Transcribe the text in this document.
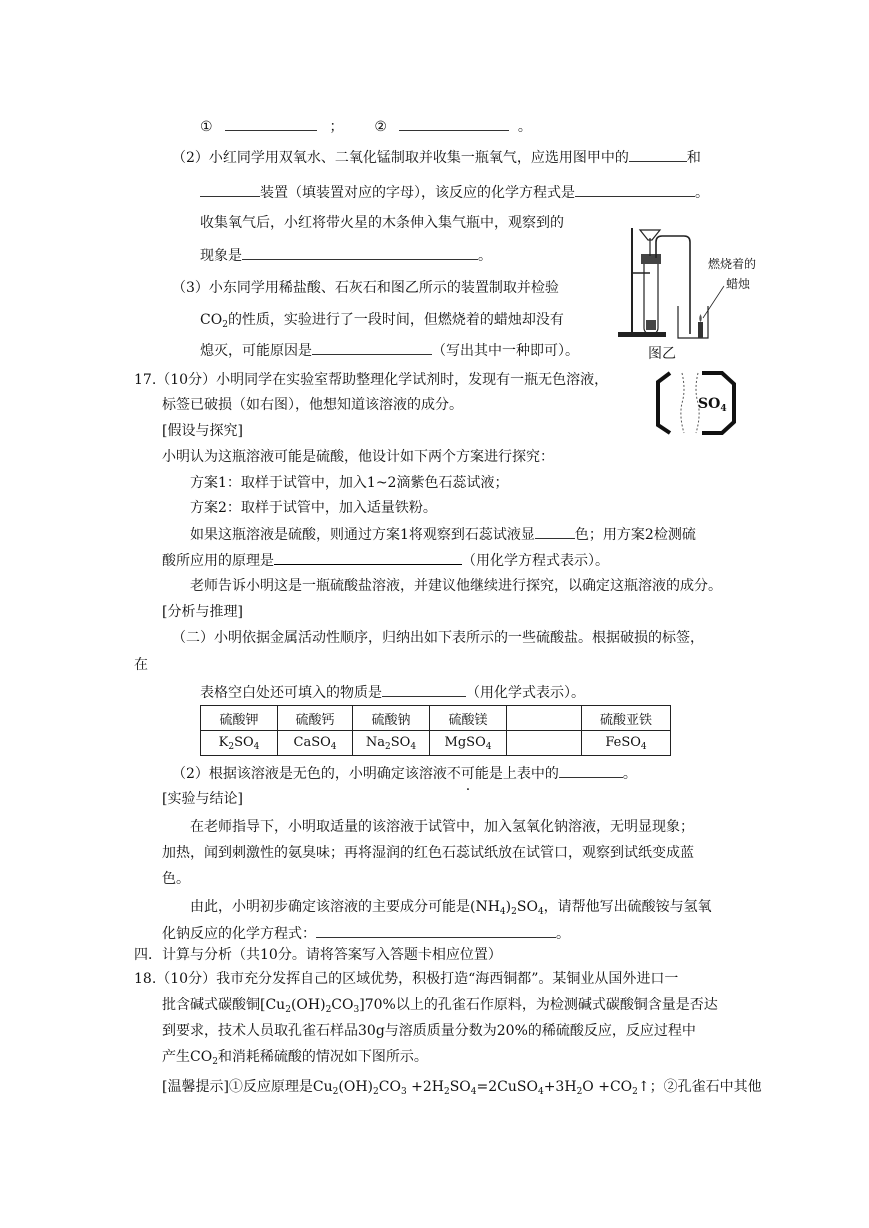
①	； ②	。
（2）小红同学用双氧水、二氧化锰制取并收集一瓶氧气，应选用图甲中的	和
装置（填装置对应的字母），该反应的化学方程式是	。
收集氧气后，小红将带火星的木条伸入集气瓶中，观察到的
现象是	。
（3）小东同学用稀盐酸、石灰石和图乙所示的装置制取并检验
$CO_2$的性质，实验进行了一段时间，但燃烧着的蜡烛却没有
熄灭，可能原因是	（写出其中一种即可）。
燃烧着的
蜡烛
图乙
17.（10分）小明同学在实验室帮助整理化学试剂时，发现有一瓶无色溶液，
标签已破损（如右图），他想知道该溶液的成分。	$SO_4$
[假设与探究]
小明认为这瓶溶液可能是硫酸，他设计如下两个方案进行探究：
方案1：取样于试管中，加入1~2滴紫色石蕊试液；
方案2：取样于试管中，加入适量铁粉。
如果这瓶溶液是硫酸，则通过方案1将观察到石蕊试液显	色；用方案2检测硫
酸所应用的原理是	（用化学方程式表示）。
老师告诉小明这是一瓶硫酸盐溶液，并建议他继续进行探究，以确定这瓶溶液的成分。
[分析与推理]
（二）小明依据金属活动性顺序，归纳出如下表所示的一些硫酸盐。根据破损的标签，
在
表格空白处还可填入的物质是	（用化学式表示）。
硫酸钾	硫酸钙	硫酸钠	硫酸镁		硫酸亚铁
$K_2SO_4$	CaSO$_4$	$Na_2SO_4$	MgSO$_4$		FeSO$_4$
（2）根据该溶液是无色的，小明确定该溶液不可能是上表中的	。
[实验与结论]
在老师指导下，小明取适量的该溶液于试管中，加入氢氧化钠溶液，无明显现象；
加热，闻到刺激性的氨臭味；再将湿润的红色石蕊试纸放在试管口，观察到试纸变成蓝
色。
由此，小明初步确定该溶液的主要成分可能是$(NH_4)_2SO_4$，请帮他写出硫酸铵与氢氧
化钠反应的化学方程式：	。
四．计算与分析（共10分。请将答案写入答题卡相应位置）
18.（10分）我市充分发挥自己的区域优势，积极打造“海西铜都”。某铜业从国外进口一
批含碱式碳酸铜$[Cu_2(OH)_2CO_3]70\%$以上的孔雀石作原料，为检测碱式碳酸铜含量是否达
到要求，技术人员取孔雀石样品30g与溶质质量分数为20%的稀硫酸反应，反应过程中
产生$CO_2$和消耗稀硫酸的情况如下图所示。
[温馨提示]①反应原理是$Cu_2(OH)_2CO_3$ $+2H_2SO_4=2CuSO_4+3H_2O$ $+CO_2↑$；②孔雀石中其他
